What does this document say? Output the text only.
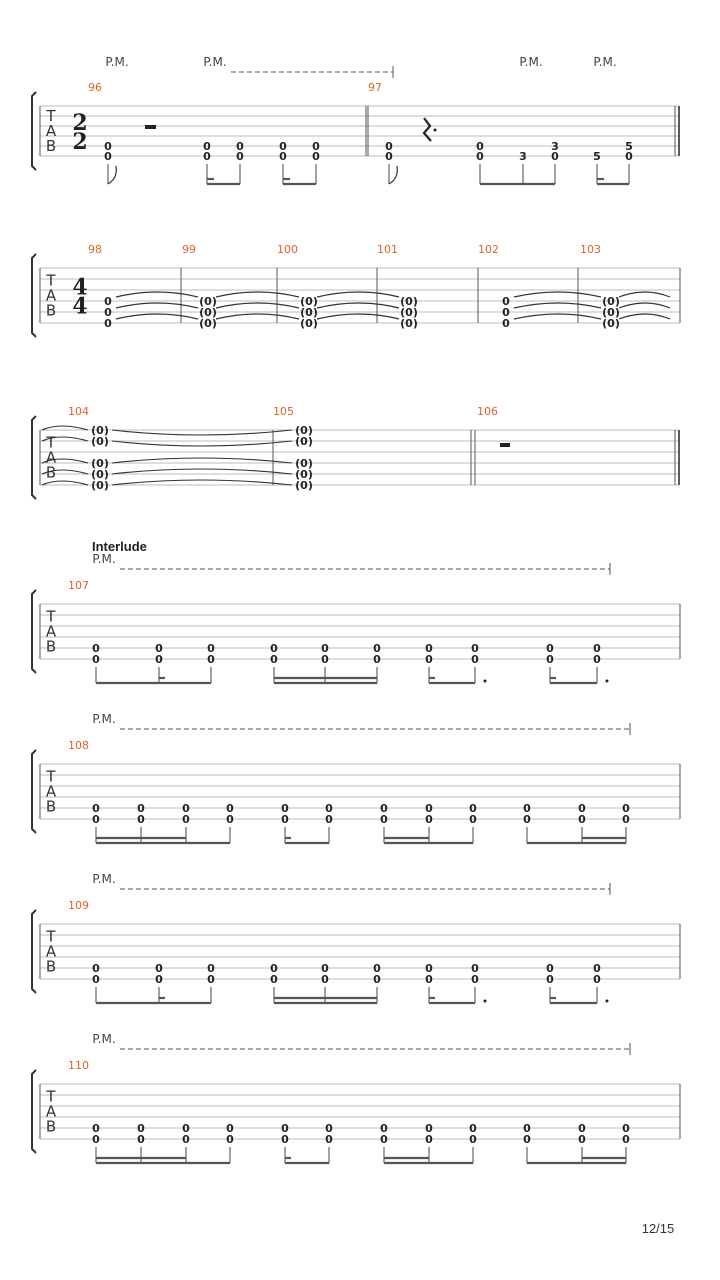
T
A
B
96	97
2
2
P.M.	P.M.	P.M.	P.M.
0
0
0
0
0
0
0
0
0
0
0
0
0
0	3
3
0	5
5
0
T
A
B
98	99	100	101	102	103
4
4 0
0
0
(0)
(0)
(0)
(0)
(0)
(0)
(0)
(0)
(0)
0
0
0
(0)
(0)
(0)
T
A
B
104	105	106
(0)
(0)
(0)
(0)
(0)
(0)
(0)
(0)
(0)
(0)
T
A
B
107
Interlude
P.M.
0
0
0
0
0
0
0
0
0
0
0
0
0
0
0
0
0
0
0
0
T
A
B
108
P.M.
0
0
0
0
0
0
0
0
0
0
0
0
0
0
0
0
0
0
0
0
0
0
0
0
T
A
B
109
P.M.
0
0
0
0
0
0
0
0
0
0
0
0
0
0
0
0
0
0
0
0
T
A
B
110
P.M.
0
0
0
0
0
0
0
0
0
0
0
0
0
0
0
0
0
0
0
0
0
0
0
0
12/15
